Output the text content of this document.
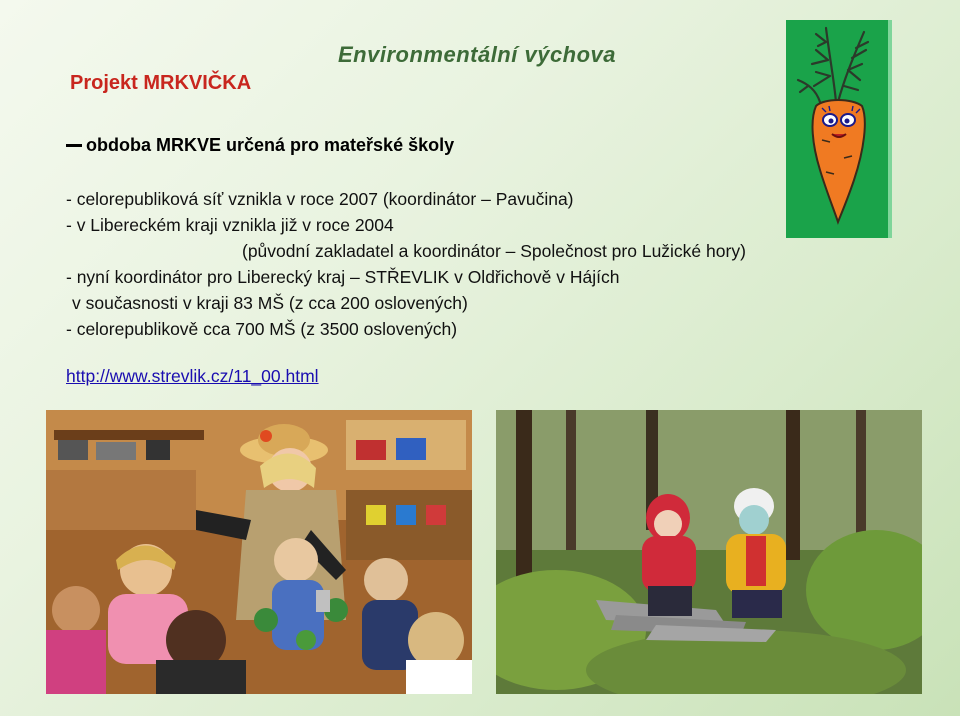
Environmentální výchova
Projekt MRKVIČKA
obdoba MRKVE určená pro mateřské školy
- celorepubliková síť vznikla v roce 2007 (koordinátor – Pavučina)
- v Libereckém kraji vznikla již v roce 2004
(původní zakladatel a koordinátor – Společnost pro Lužické hory)
- nyní koordinátor pro Liberecký kraj – STŘEVLIK v Oldřichově v Hájích
v současnosti v kraji 83 MŠ (z cca 200 oslovených)
- celorepublikově cca 700 MŠ (z 3500 oslovených)
http://www.strevlik.cz/11_00.html
